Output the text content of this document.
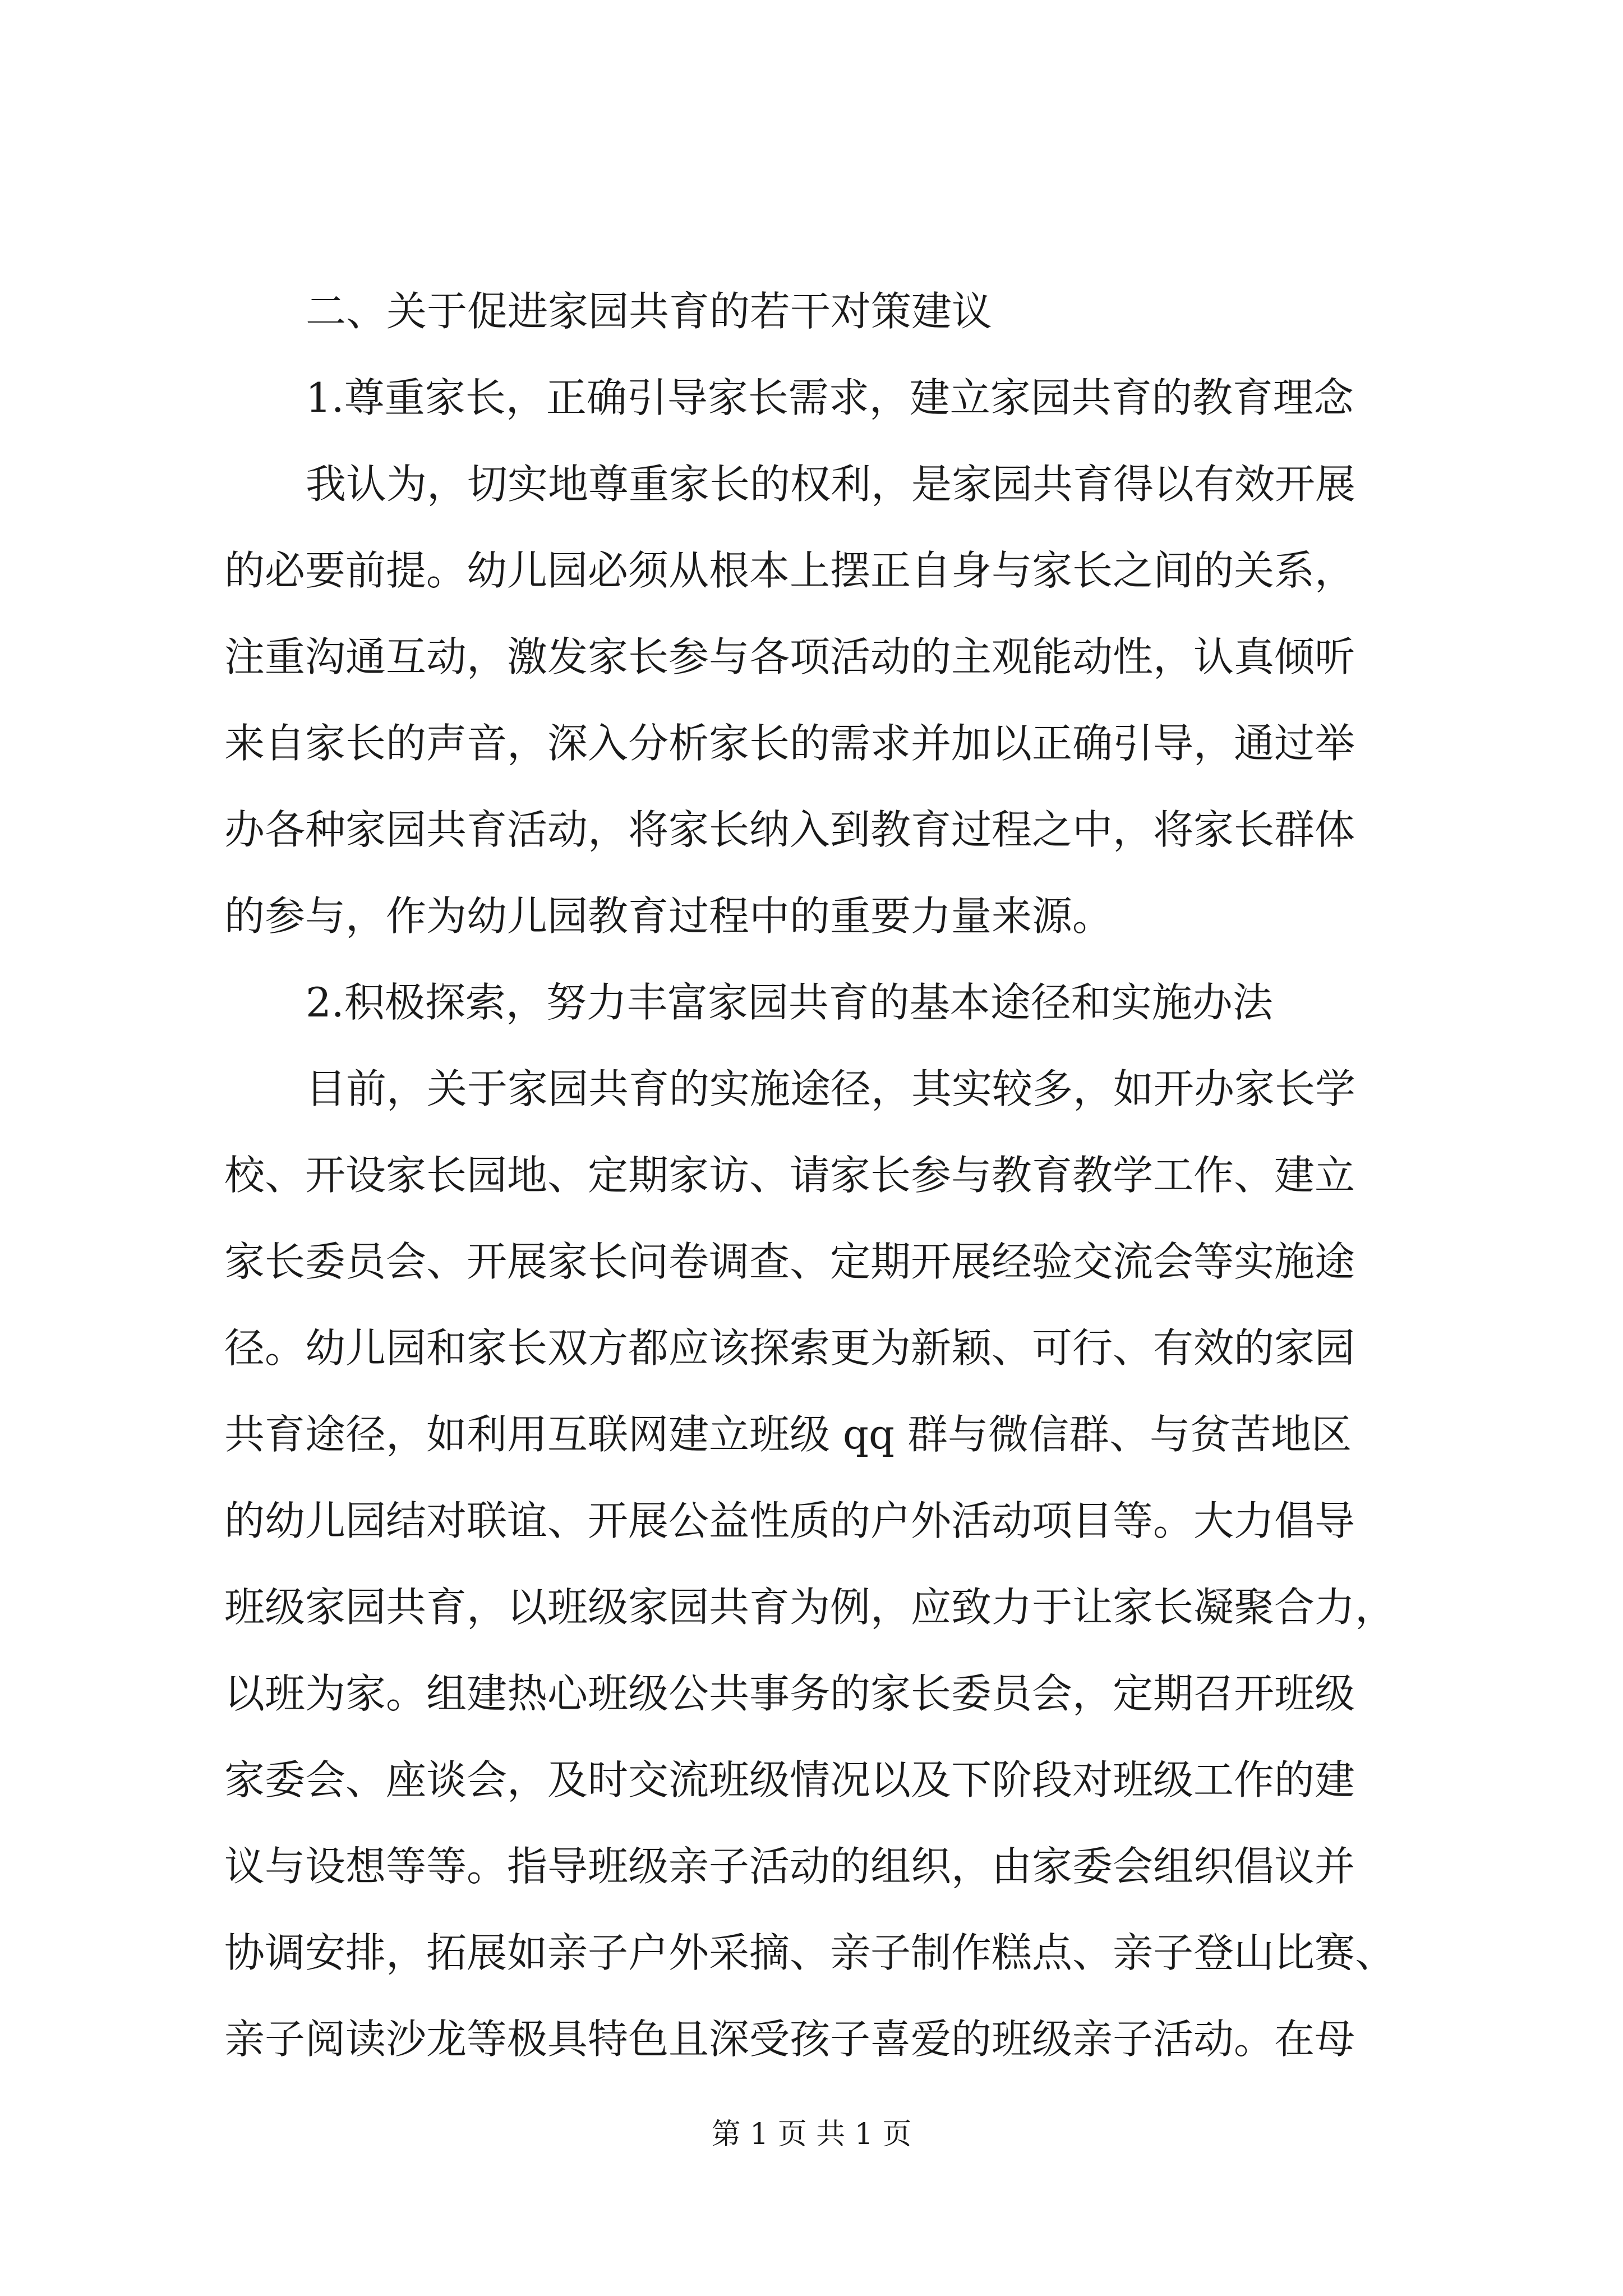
二、关于促进家园共育的若干对策建议
1.尊重家长，正确引导家长需求，建立家园共育的教育理念
我认为，切实地尊重家长的权利，是家园共育得以有效开展
的必要前提。幼儿园必须从根本上摆正自身与家长之间的关系，
注重沟通互动，激发家长参与各项活动的主观能动性，认真倾听
来自家长的声音，深入分析家长的需求并加以正确引导，通过举
办各种家园共育活动，将家长纳入到教育过程之中，将家长群体
的参与，作为幼儿园教育过程中的重要力量来源。
2.积极探索，努力丰富家园共育的基本途径和实施办法
目前，关于家园共育的实施途径，其实较多，如开办家长学
校、开设家长园地、定期家访、请家长参与教育教学工作、建立
家长委员会、开展家长问卷调查、定期开展经验交流会等实施途
径。幼儿园和家长双方都应该探索更为新颖、可行、有效的家园
共育途径，如利用互联网建立班级 qq 群与微信群、与贫苦地区
的幼儿园结对联谊、开展公益性质的户外活动项目等。大力倡导
班级家园共育，以班级家园共育为例，应致力于让家长凝聚合力，
以班为家。组建热心班级公共事务的家长委员会，定期召开班级
家委会、座谈会，及时交流班级情况以及下阶段对班级工作的建
议与设想等等。指导班级亲子活动的组织，由家委会组织倡议并
协调安排，拓展如亲子户外采摘、亲子制作糕点、亲子登山比赛、
亲子阅读沙龙等极具特色且深受孩子喜爱的班级亲子活动。在母
第 1 页 共 1 页
